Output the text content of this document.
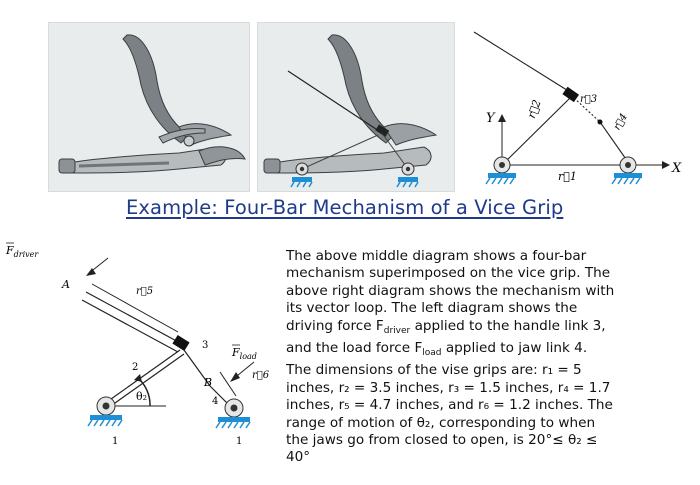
Y
X
r⃗1
r⃗2	r⃗3
r⃗4
Example: Four-Bar Mechanism of a Vice Grip
$F_{driver}$
A
r⃗5
3
$F_{load}$
r⃗6
B
2
4
θ₂
1	1

The above middle diagram shows a four-bar

mechanism superimposed on the vice grip. The

above right diagram shows the mechanism with

its vector loop. The left diagram shows the

driving force $F_{driver}$ applied to the handle link 3,

and the load force $F_{load}$ applied to jaw link 4.

The dimensions of the vise grips are: r₁ = 5

inches, r₂ = 3.5 inches, r₃ = 1.5 inches, r₄ = 1.7

inches, r₅ = 4.7 inches, and r₆ = 1.2 inches. The

range of motion of θ₂, corresponding to when

the jaws go from closed to open, is 20°≤ θ₂ ≤

40°
